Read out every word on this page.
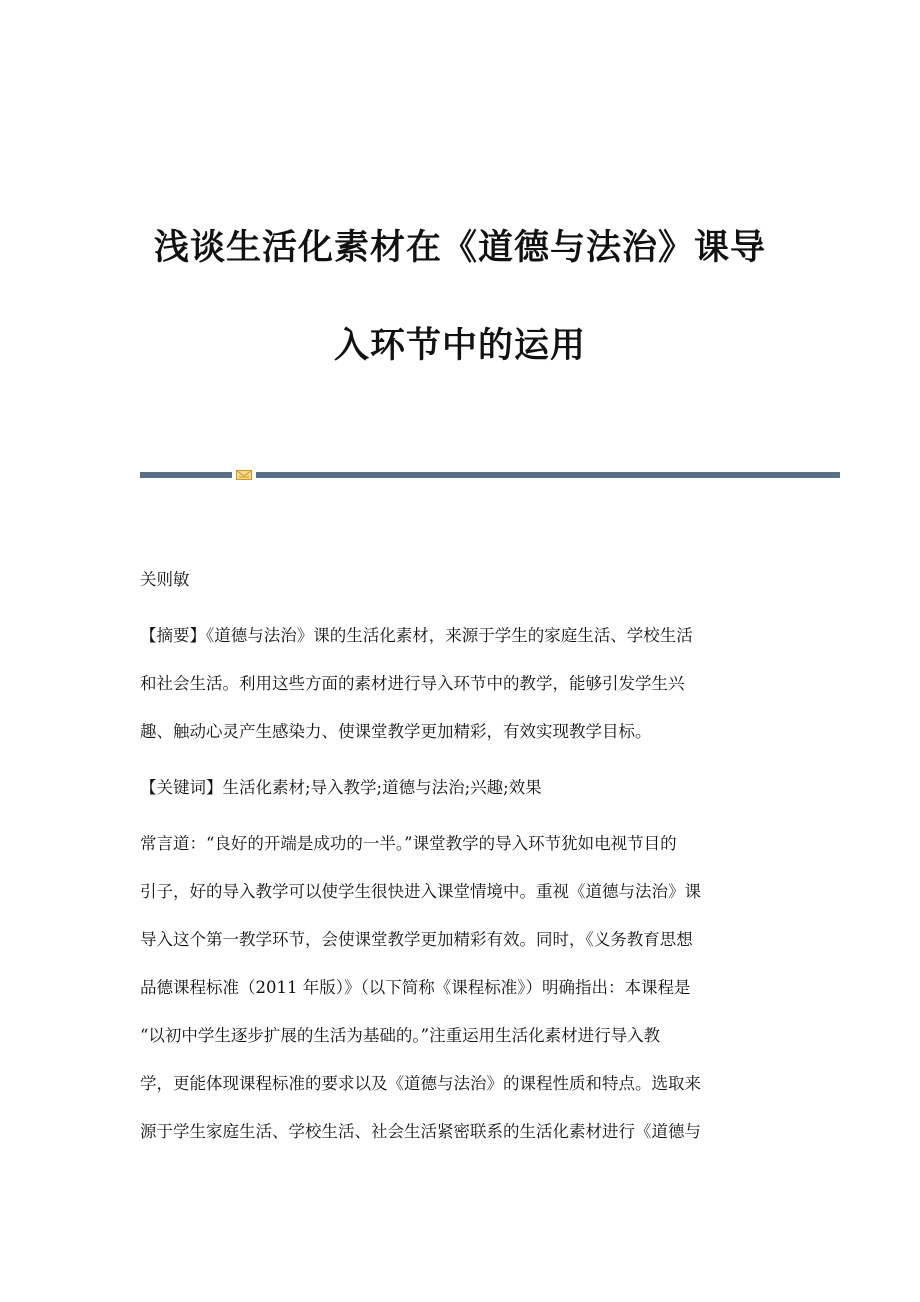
浅谈生活化素材在《道德与法治》课导
入环节中的运用
关则敏
【摘要】《道德与法治》课的生活化素材，来源于学生的家庭生活、学校生活
和社会生活。利用这些方面的素材进行导入环节中的教学，能够引发学生兴
趣、触动心灵产生感染力、使课堂教学更加精彩，有效实现教学目标。
【关键词】生活化素材;导入教学;道德与法治;兴趣;效果
常言道：“良好的开端是成功的一半。”课堂教学的导入环节犹如电视节目的
引子，好的导入教学可以使学生很快进入课堂情境中。重视《道德与法治》课
导入这个第一教学环节，会使课堂教学更加精彩有效。同时，《义务教育思想
品德课程标准（2011 年版）》（以下简称《课程标准》）明确指出：本课程是
“以初中学生逐步扩展的生活为基础的。”注重运用生活化素材进行导入教
学，更能体现课程标准的要求以及《道德与法治》的课程性质和特点。选取来
源于学生家庭生活、学校生活、社会生活紧密联系的生活化素材进行《道德与
